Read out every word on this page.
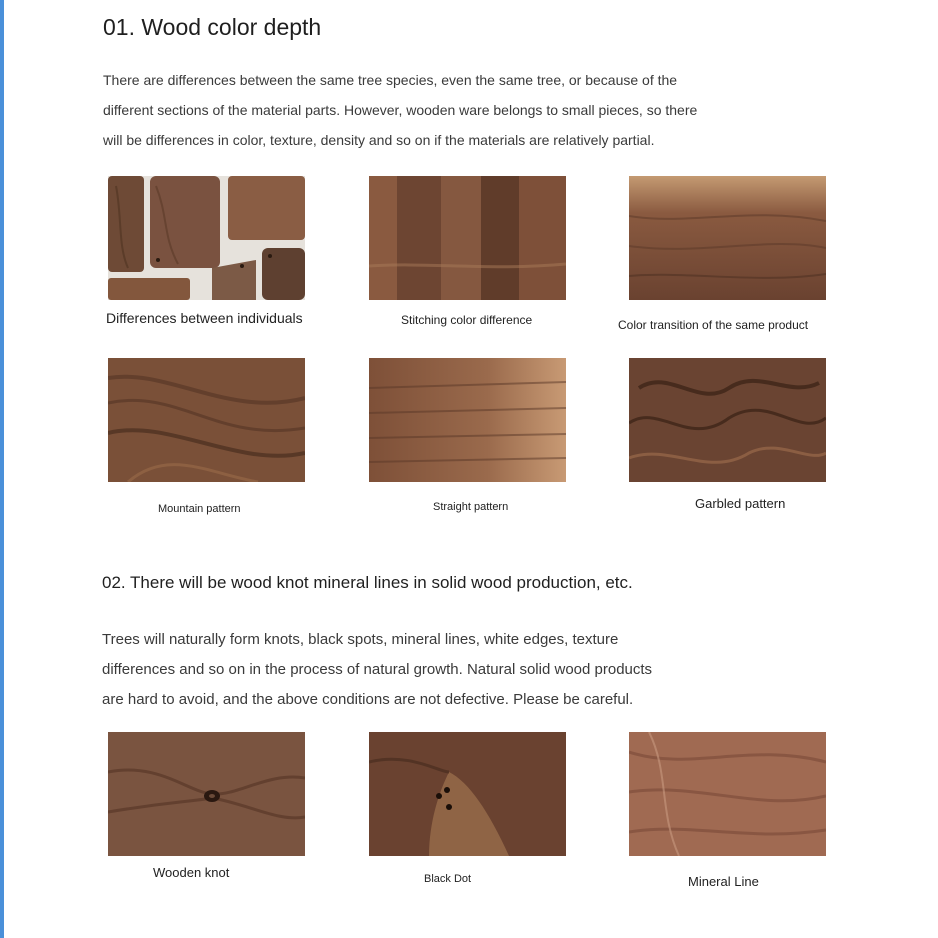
01. Wood color depth

There are differences between the same tree species, even the same tree, or because of the
different sections of the material parts. However, wooden ware belongs to small pieces, so there
will be differences in color, texture, density and so on if the materials are relatively partial.

Differences between individuals	Stitching color difference	Color transition of the same product
Mountain pattern	Straight pattern	Garbled pattern
02. There will be wood knot mineral lines in solid wood production, etc.

Trees will naturally form knots, black spots, mineral lines, white edges, texture
differences and so on in the process of natural growth. Natural solid wood products
are hard to avoid, and the above conditions are not defective. Please be careful.

Wooden knot	Black Dot	Mineral Line
